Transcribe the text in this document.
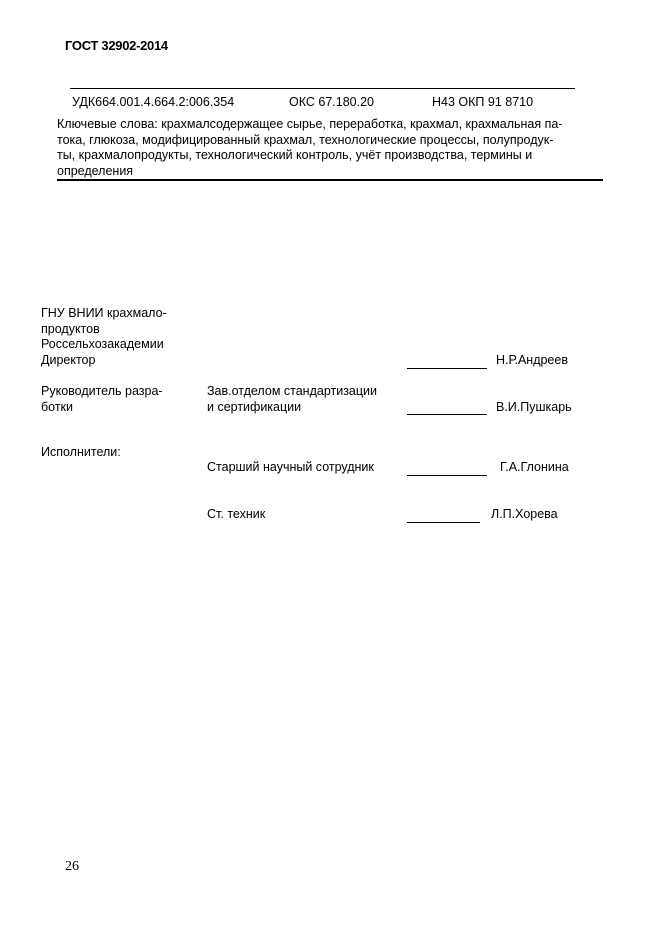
ГОСТ 32902-2014
УДК664.001.4.664.2:006.354	ОКС 67.180.20	Н43 ОКП 91 8710
Ключевые слова: крахмалсодержащее сырье, переработка, крахмал, крахмальная па-
тока, глюкоза, модифицированный крахмал, технологические процессы, полупродук-
ты, крахмалопродукты, технологический контроль, учёт производства, термины и
определения
ГНУ ВНИИ крахмало-
продуктов
Россельхозакадемии
Директор	Н.Р.Андреев
Руководитель разра-
ботки
Зав.отделом стандартизации
и сертификации	В.И.Пушкарь
Исполнители:
Старший научный сотрудник	Г.А.Глонина
Ст. техник	Л.П.Хорева
26
